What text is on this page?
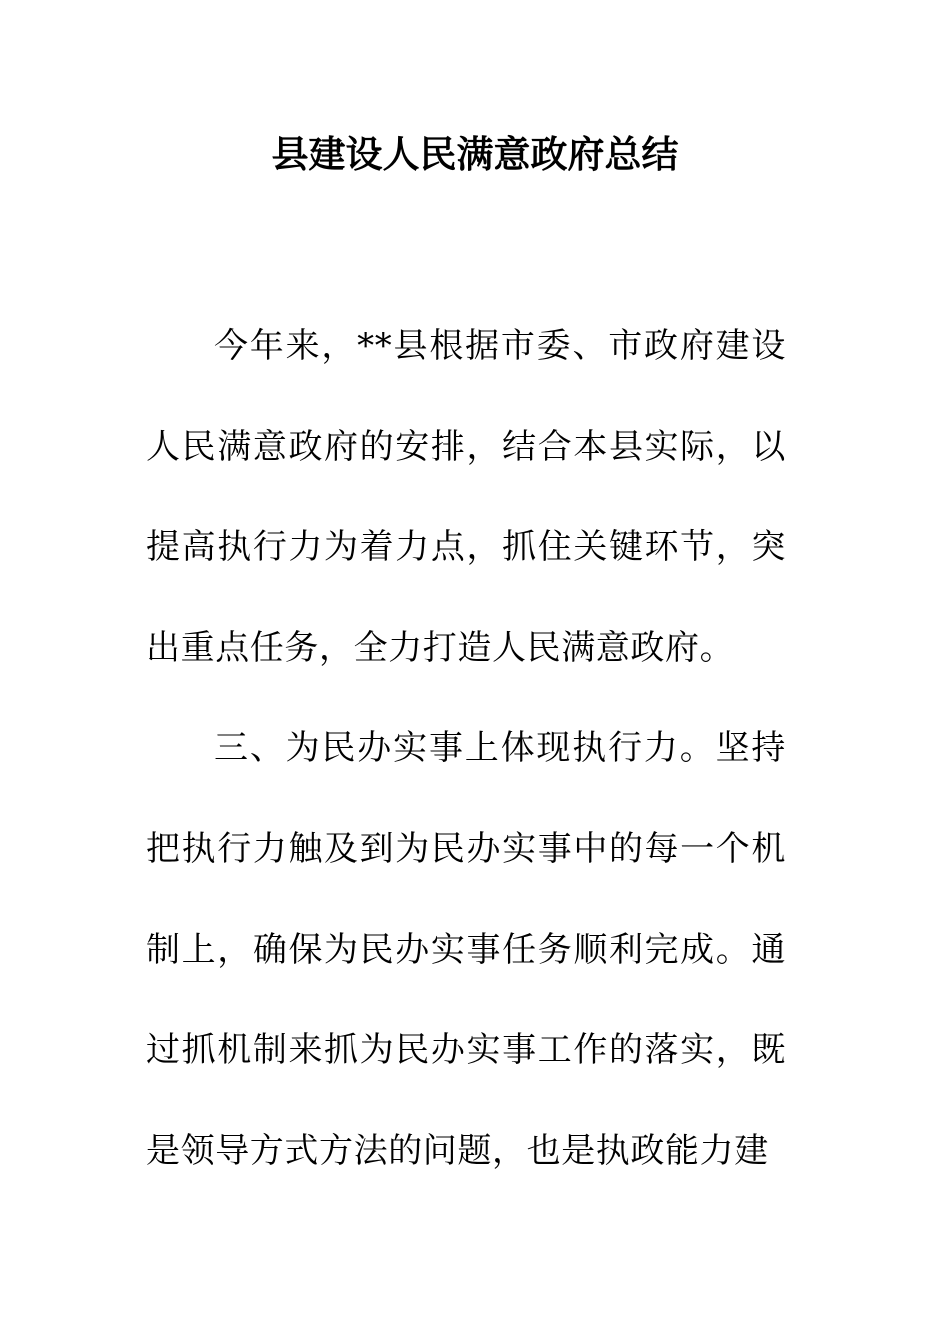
县建设人民满意政府总结

今年来，**县根据市委、市政府建设人民满意政府的安排，结合本县实际，以提高执行力为着力点，抓住关键环节，突出重点任务，全力打造人民满意政府。

三、为民办实事上体现执行力。坚持把执行力触及到为民办实事中的每一个机制上，确保为民办实事任务顺利完成。通过抓机制来抓为民办实事工作的落实，既是领导方式方法的问题，也是执政能力建
